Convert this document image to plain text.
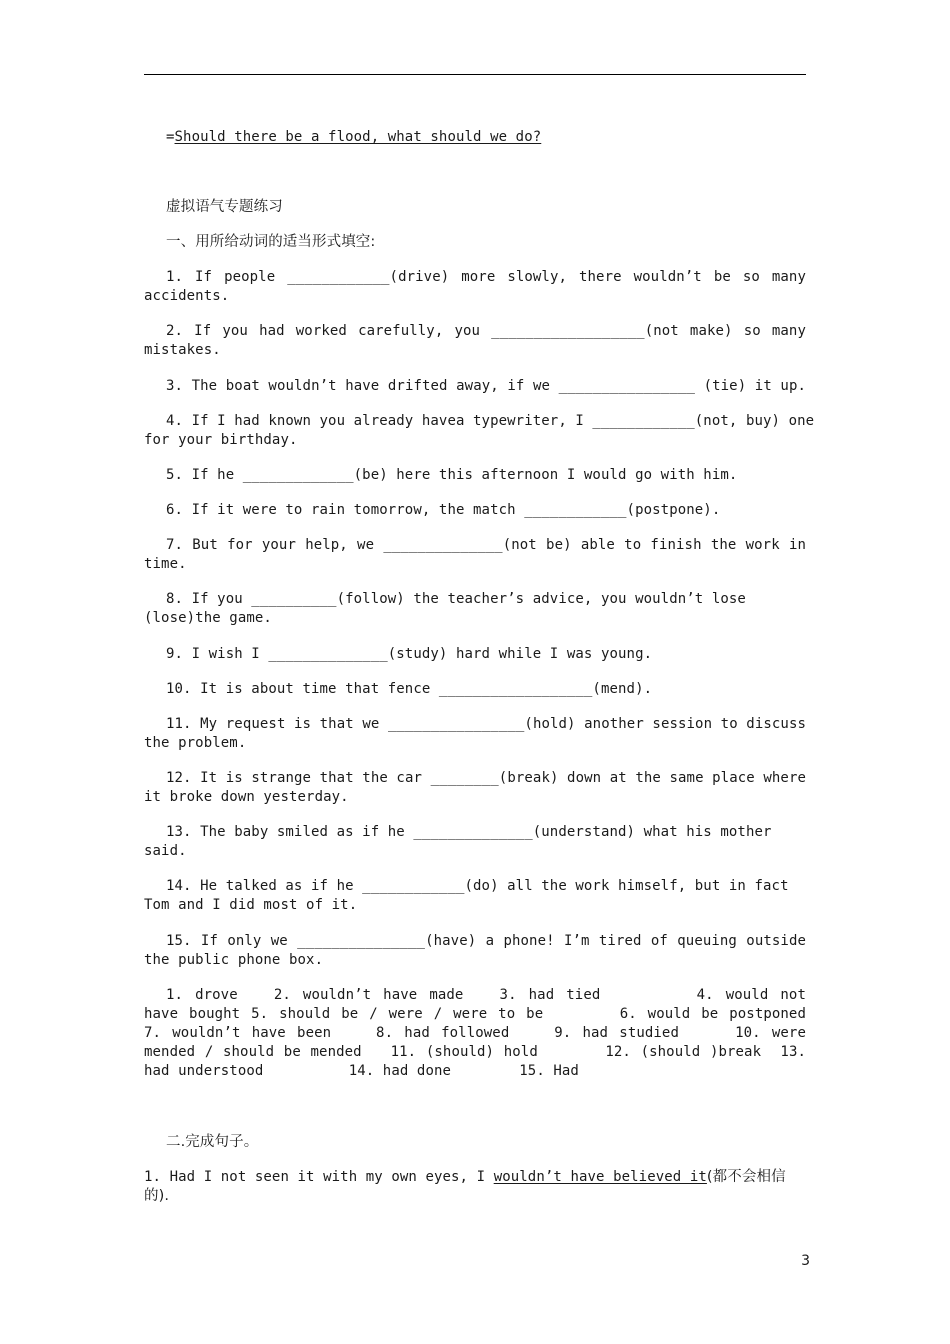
=Should there be a flood, what should we do?
虚拟语气专题练习
一、用所给动词的适当形式填空:
1. If people ____________(drive) more slowly, there wouldn’t be so many
accidents.
2. If you had worked carefully, you __________________(not make) so many
mistakes.
3. The boat wouldn’t have drifted away, if we ________________ (tie) it up.
4. If I had known you already havea typewriter, I ____________(not, buy) one
for your birthday.
5. If he _____________(be) here this afternoon I would go with him.
6. If it were to rain tomorrow, the match ____________(postpone).
7. But for your help, we ______________(not be) able to finish the work in
time.
8. If you __________(follow) the teacher’s advice, you wouldn’t lose
(lose)the game.
9. I wish I ______________(study) hard while I was young.
10. It is about time that fence __________________(mend).
11. My request is that we ________________(hold) another session to discuss
the problem.
12. It is strange that the car ________(break) down at the same place where
it broke down yesterday.
13. The baby smiled as if he ______________(understand) what his mother
said.
14. He talked as if he ____________(do) all the work himself, but in fact
Tom and I did most of it.
15. If only we _______________(have) a phone! I’m tired of queuing outside
the public phone box.
1. drove   2. wouldn’t have made   3. had tied        4. would not
have bought 5. should be / were / were to be       6. would be postponed
7. wouldn’t have been    8. had followed    9. had studied     10. were
mended / should be mended   11. (should) hold       12. (should )break  13.
had understood          14. had done        15. Had
二.完成句子。
1. Had I not seen it with my own eyes, I wouldn’t have believed it(都不会相信
的).
3
